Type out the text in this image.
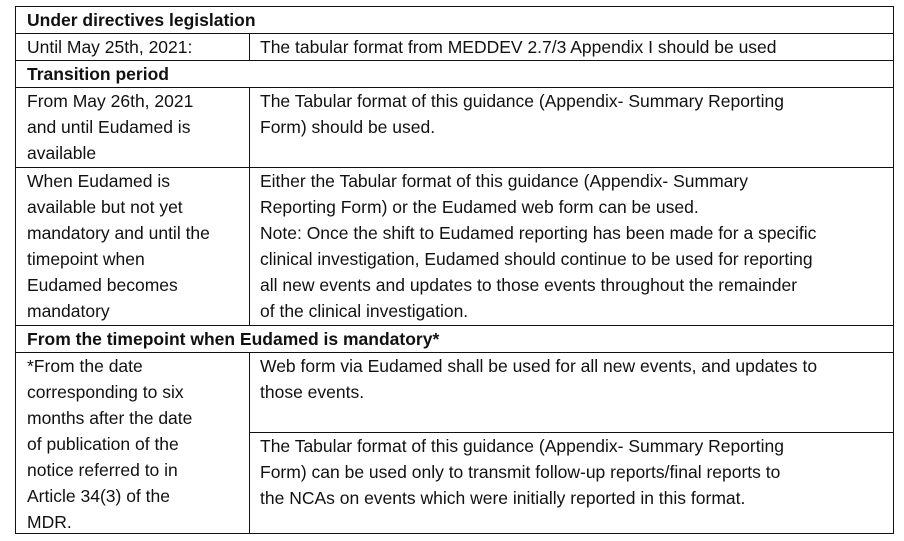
Under directives legislation
Until May 25th, 2021:	The tabular format from MEDDEV 2.7/3 Appendix I should be used
Transition period
From May 26th, 2021
and until Eudamed is
available
The Tabular format of this guidance (Appendix- Summary Reporting
Form) should be used.
When Eudamed is
available but not yet
mandatory and until the
timepoint when
Eudamed becomes
mandatory
Either the Tabular format of this guidance (Appendix- Summary
Reporting Form) or the Eudamed web form can be used.
Note: Once the shift to Eudamed reporting has been made for a specific
clinical investigation, Eudamed should continue to be used for reporting
all new events and updates to those events throughout the remainder
of the clinical investigation.
From the timepoint when Eudamed is mandatory*
*From the date
corresponding to six
months after the date
of publication of the
notice referred to in
Article 34(3) of the
MDR.
Web form via Eudamed shall be used for all new events, and updates to
those events.
The Tabular format of this guidance (Appendix- Summary Reporting
Form) can be used only to transmit follow-up reports/final reports to
the NCAs on events which were initially reported in this format.
